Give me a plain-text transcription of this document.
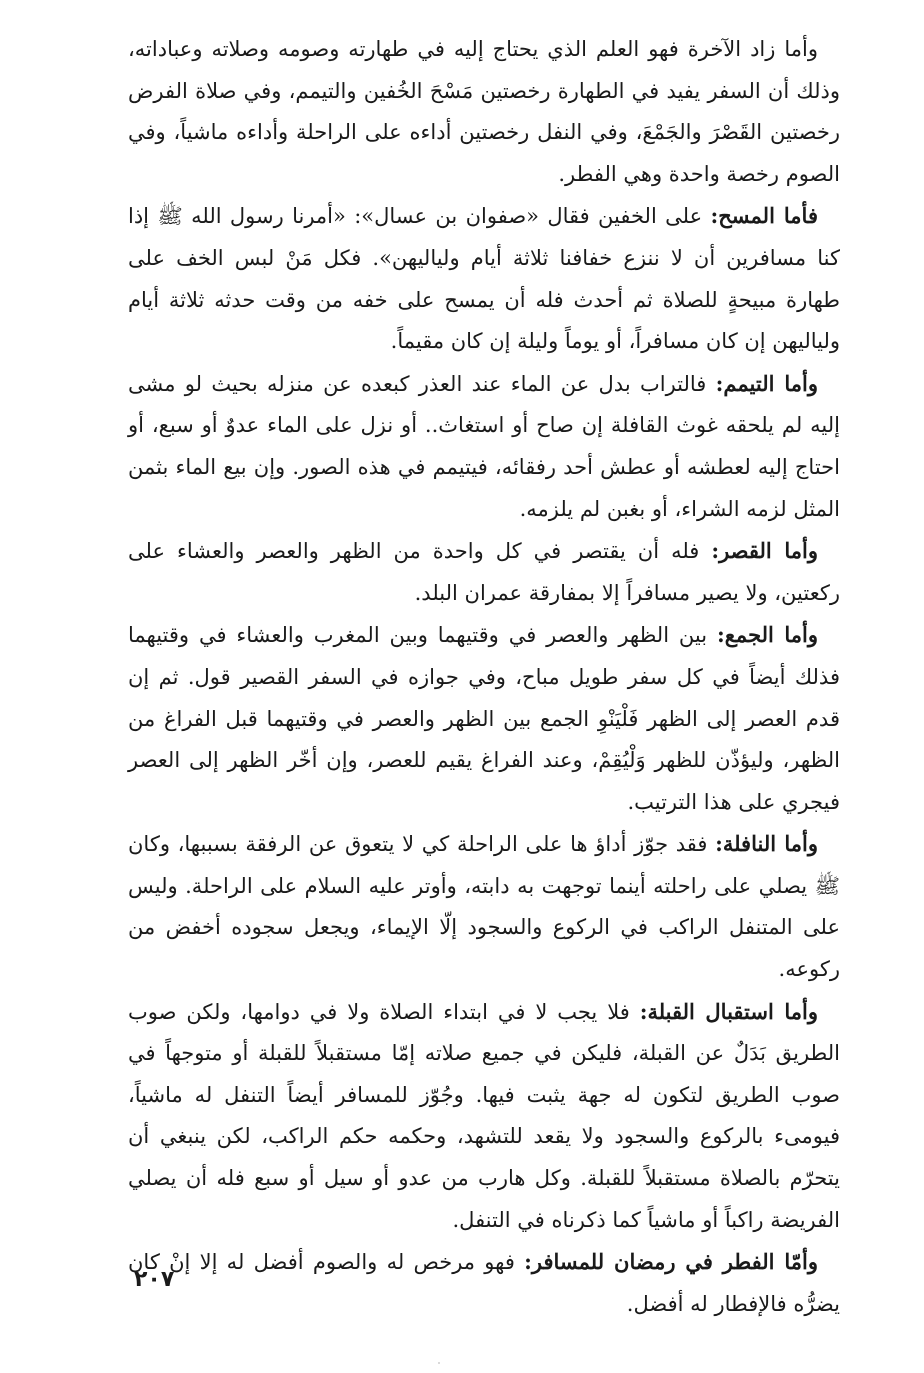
وأما زاد الآخرة فهو العلم الذي يحتاج إليه في طهارته وصومه وصلاته وعباداته، وذلك أن السفر يفيد في الطهارة رخصتين مَسْحَ الخُفين والتيمم، وفي صلاة الفرض رخصتين القَصْرَ والجَمْعَ، وفي النفل رخصتين أداءه على الراحلة وأداءه ماشياً، وفي الصوم رخصة واحدة وهي الفطر.

فأما المسح: على الخفين فقال «صفوان بن عسال»: «أمرنا رسول الله ﷺ إذا كنا مسافرين أن لا ننزع خفافنا ثلاثة أيام ولياليهن». فكل مَنْ لبس الخف على طهارة مبيحةٍ للصلاة ثم أحدث فله أن يمسح على خفه من وقت حدثه ثلاثة أيام ولياليهن إن كان مسافراً، أو يوماً وليلة إن كان مقيماً.

وأما التيمم: فالتراب بدل عن الماء عند العذر كبعده عن منزله بحيث لو مشى إليه لم يلحقه غوث القافلة إن صاح أو استغاث.. أو نزل على الماء عدوٌ أو سبع، أو احتاج إليه لعطشه أو عطش أحد رفقائه، فيتيمم في هذه الصور. وإن بيع الماء بثمن المثل لزمه الشراء، أو بغبن لم يلزمه.

وأما القصر: فله أن يقتصر في كل واحدة من الظهر والعصر والعشاء على ركعتين، ولا يصير مسافراً إلا بمفارقة عمران البلد.

وأما الجمع: بين الظهر والعصر في وقتيهما وبين المغرب والعشاء في وقتيهما فذلك أيضاً في كل سفر طويل مباح، وفي جوازه في السفر القصير قول. ثم إن قدم العصر إلى الظهر فَلْيَنْوِ الجمع بين الظهر والعصر في وقتيهما قبل الفراغ من الظهر، وليؤذّن للظهر وَلْيُقِمْ، وعند الفراغ يقيم للعصر، وإن أخّر الظهر إلى العصر فيجري على هذا الترتيب.

وأما النافلة: فقد جوّز أداؤ ها على الراحلة كي لا يتعوق عن الرفقة بسببها، وكان ﷺ يصلي على راحلته أينما توجهت به دابته، وأوتر عليه السلام على الراحلة. وليس على المتنفل الراكب في الركوع والسجود إلّا الإيماء، ويجعل سجوده أخفض من ركوعه.

وأما استقبال القبلة: فلا يجب لا في ابتداء الصلاة ولا في دوامها، ولكن صوب الطريق بَدَلٌ عن القبلة، فليكن في جميع صلاته إمّا مستقبلاً للقبلة أو متوجهاً في صوب الطريق لتكون له جهة يثبت فيها. وجُوّز للمسافر أيضاً التنفل له ماشياً، فيومىء بالركوع والسجود ولا يقعد للتشهد، وحكمه حكم الراكب، لكن ينبغي أن يتحرّم بالصلاة مستقبلاً للقبلة. وكل هارب من عدو أو سيل أو سبع فله أن يصلي الفريضة راكباً أو ماشياً كما ذكرناه في التنفل.

وأمّا الفطر في رمضان للمسافر: فهو مرخص له والصوم أفضل له إلا إنْ كان يضرُّه فالإفطار له أفضل.

٢٠٧
